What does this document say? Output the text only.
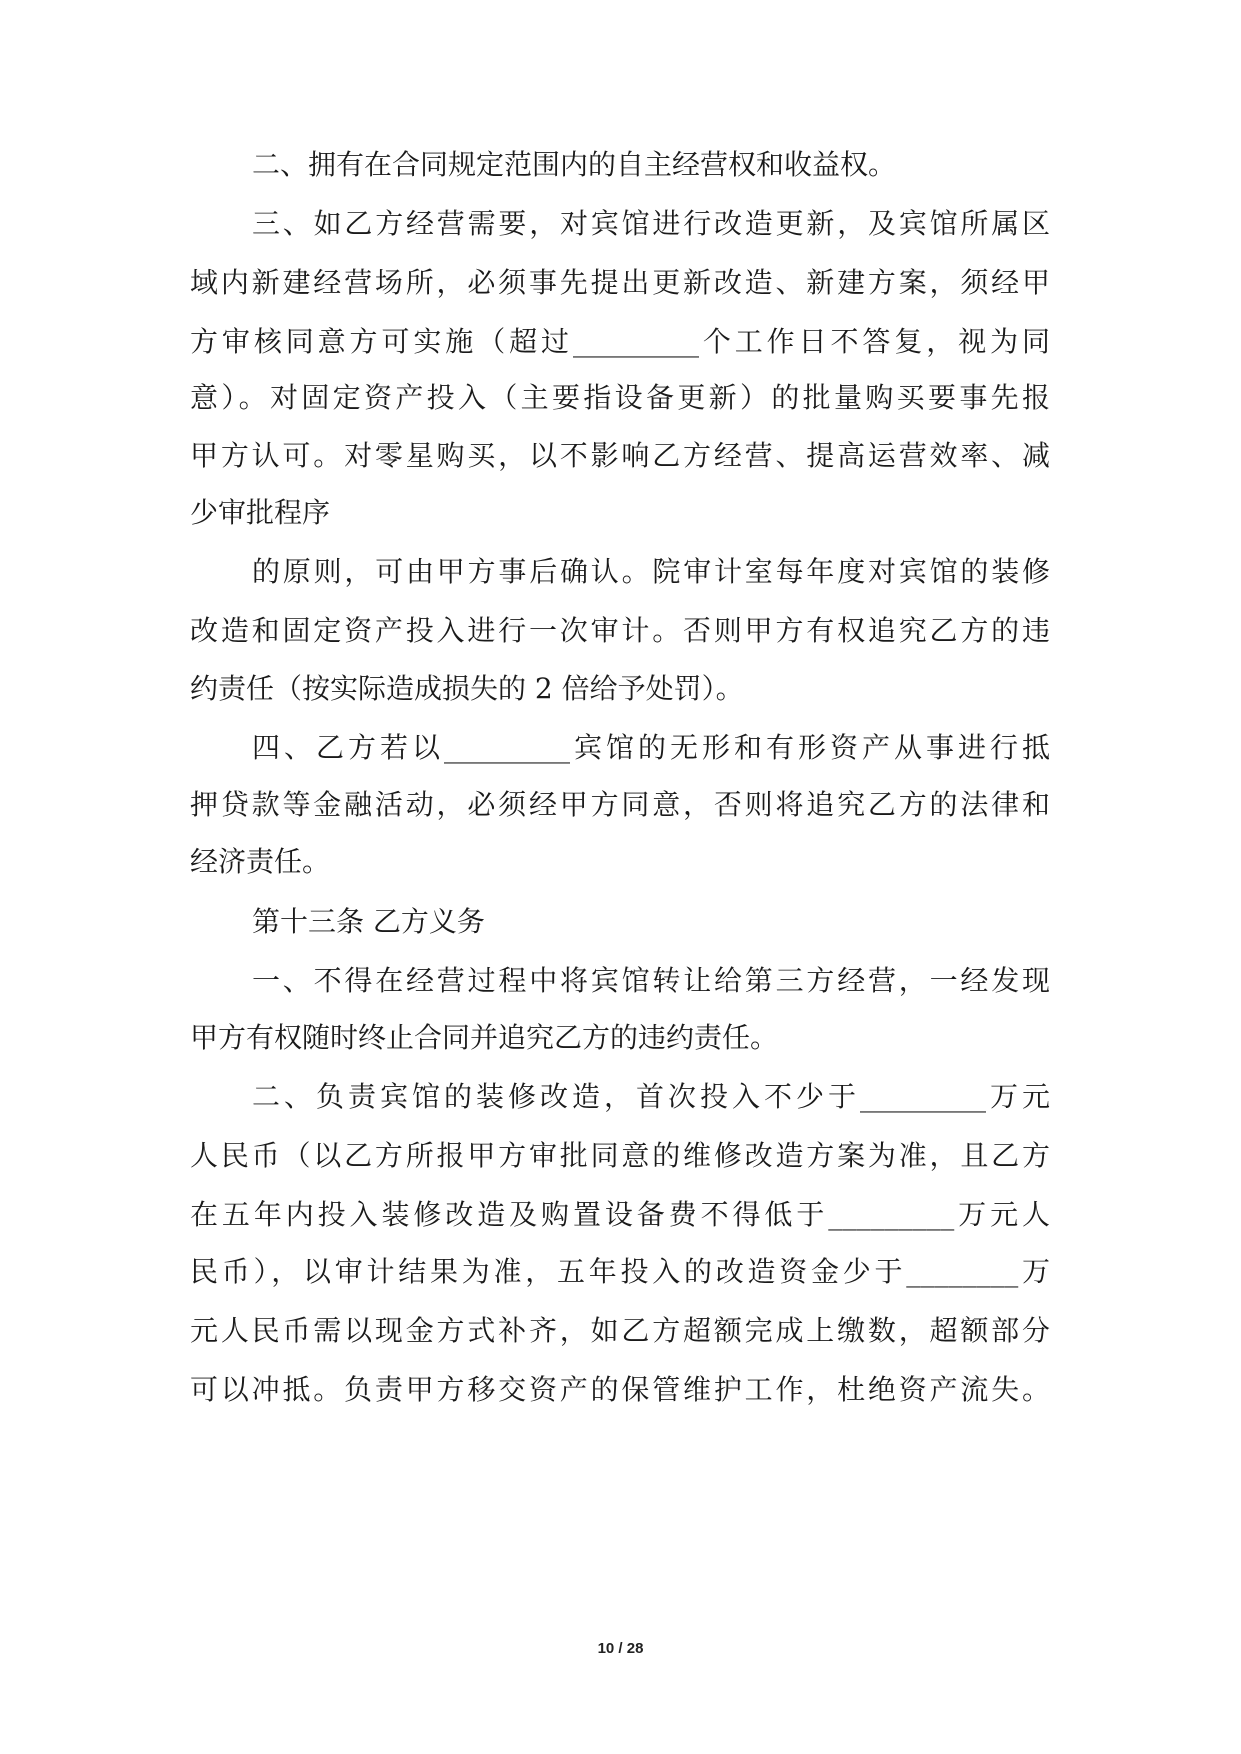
二、拥有在合同规定范围内的自主经营权和收益权。
三、如乙方经营需要，对宾馆进行改造更新，及宾馆所属区
域内新建经营场所，必须事先提出更新改造、新建方案，须经甲
方审核同意方可实施（超过_________个工作日不答复，视为同
意）。对固定资产投入（主要指设备更新）的批量购买要事先报
甲方认可。对零星购买，以不影响乙方经营、提高运营效率、减
少审批程序
的原则，可由甲方事后确认。院审计室每年度对宾馆的装修
改造和固定资产投入进行一次审计。否则甲方有权追究乙方的违
约责任（按实际造成损失的 2 倍给予处罚）。
四、乙方若以_________宾馆的无形和有形资产从事进行抵
押贷款等金融活动，必须经甲方同意，否则将追究乙方的法律和
经济责任。
第十三条 乙方义务
一、不得在经营过程中将宾馆转让给第三方经营，一经发现
甲方有权随时终止合同并追究乙方的违约责任。
二、负责宾馆的装修改造，首次投入不少于_________万元
人民币（以乙方所报甲方审批同意的维修改造方案为准，且乙方
在五年内投入装修改造及购置设备费不得低于_________万元人
民币），以审计结果为准，五年投入的改造资金少于________万
元人民币需以现金方式补齐，如乙方超额完成上缴数，超额部分
可以冲抵。负责甲方移交资产的保管维护工作，杜绝资产流失。
10 / 28
